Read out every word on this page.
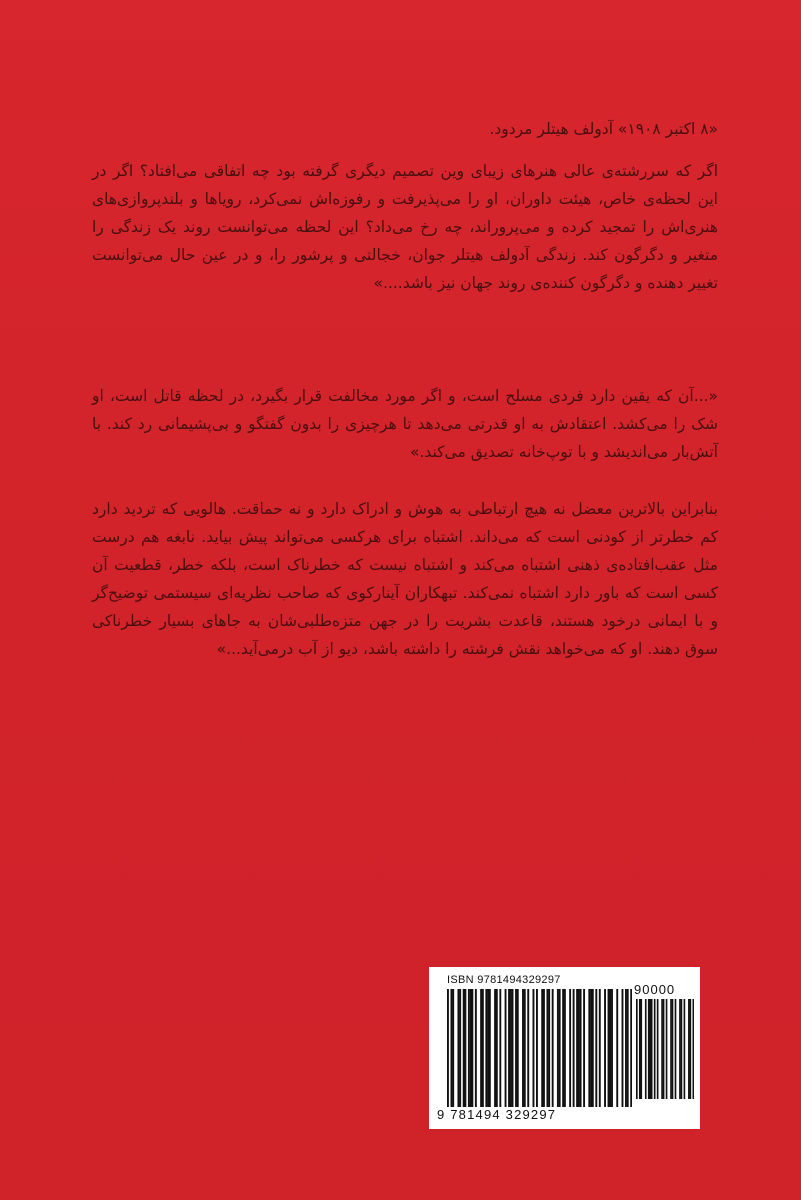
«۸ اکتبر ۱۹۰۸» آدولف هیتلر مردود.
اگر که سررشته‌ی عالی هنرهای زیبای وین تصمیم دیگری گرفته بود چه اتفاقی می‌افتاد؟ اگر در این لحظه‌ی خاص، هیئت داوران، او را می‌پذیرفت و رفوزه‌اش نمی‌کرد، رویاها و بلندپروازی‌های هنری‌اش را تمجید کرده و می‌پروراند، چه رخ می‌داد؟ این لحظه می‌توانست روند یک زندگی را متغیر و دگرگون کند. زندگی آدولف هیتلر جوان، خجالتی و پرشور را، و در عین حال می‌توانست تغییر دهنده و دگرگون کننده‌ی روند جهان نیز باشد....»
«...آن که یقین دارد فردی مسلح است، و اگر مورد مخالفت قرار بگیرد، در لحظه قاتل است، او شک را می‌کشد. اعتقادش به او قدرتی می‌دهد تا هرچیزی را بدون گفتگو و بی‌پشیمانی رد کند. با آتش‌بار می‌اندیشد و با توپ‌خانه تصدیق می‌کند.»
بنابراین بالاترین معضل نه هیچ ارتباطی به هوش و ادراک دارد و نه حماقت. هالویی که تردید دارد کم خطرتر از کودنی است که می‌داند. اشتباه برای هرکسی می‌تواند پیش بیاید. نابغه هم درست مثل عقب‌افتاده‌ی ذهنی اشتباه می‌کند و اشتباه نیست که خطرناک است، بلکه خطر، قطعیت آن کسی است که باور دارد اشتباه نمی‌کند. تبهکاران آینارکوی که صاحب نظریه‌ای سیستمی توضیح‌گر و با ایمانی درخود هستند، قاعدت بشریت را در جهن متزه‌طلبی‌شان به جاهای بسیار خطرناکی سوق دهند. او که می‌خواهد نقش فرشته را داشته باشد، دیو از آب درمی‌آید...»
ISBN 9781494329297
90000
9 781494 329297
